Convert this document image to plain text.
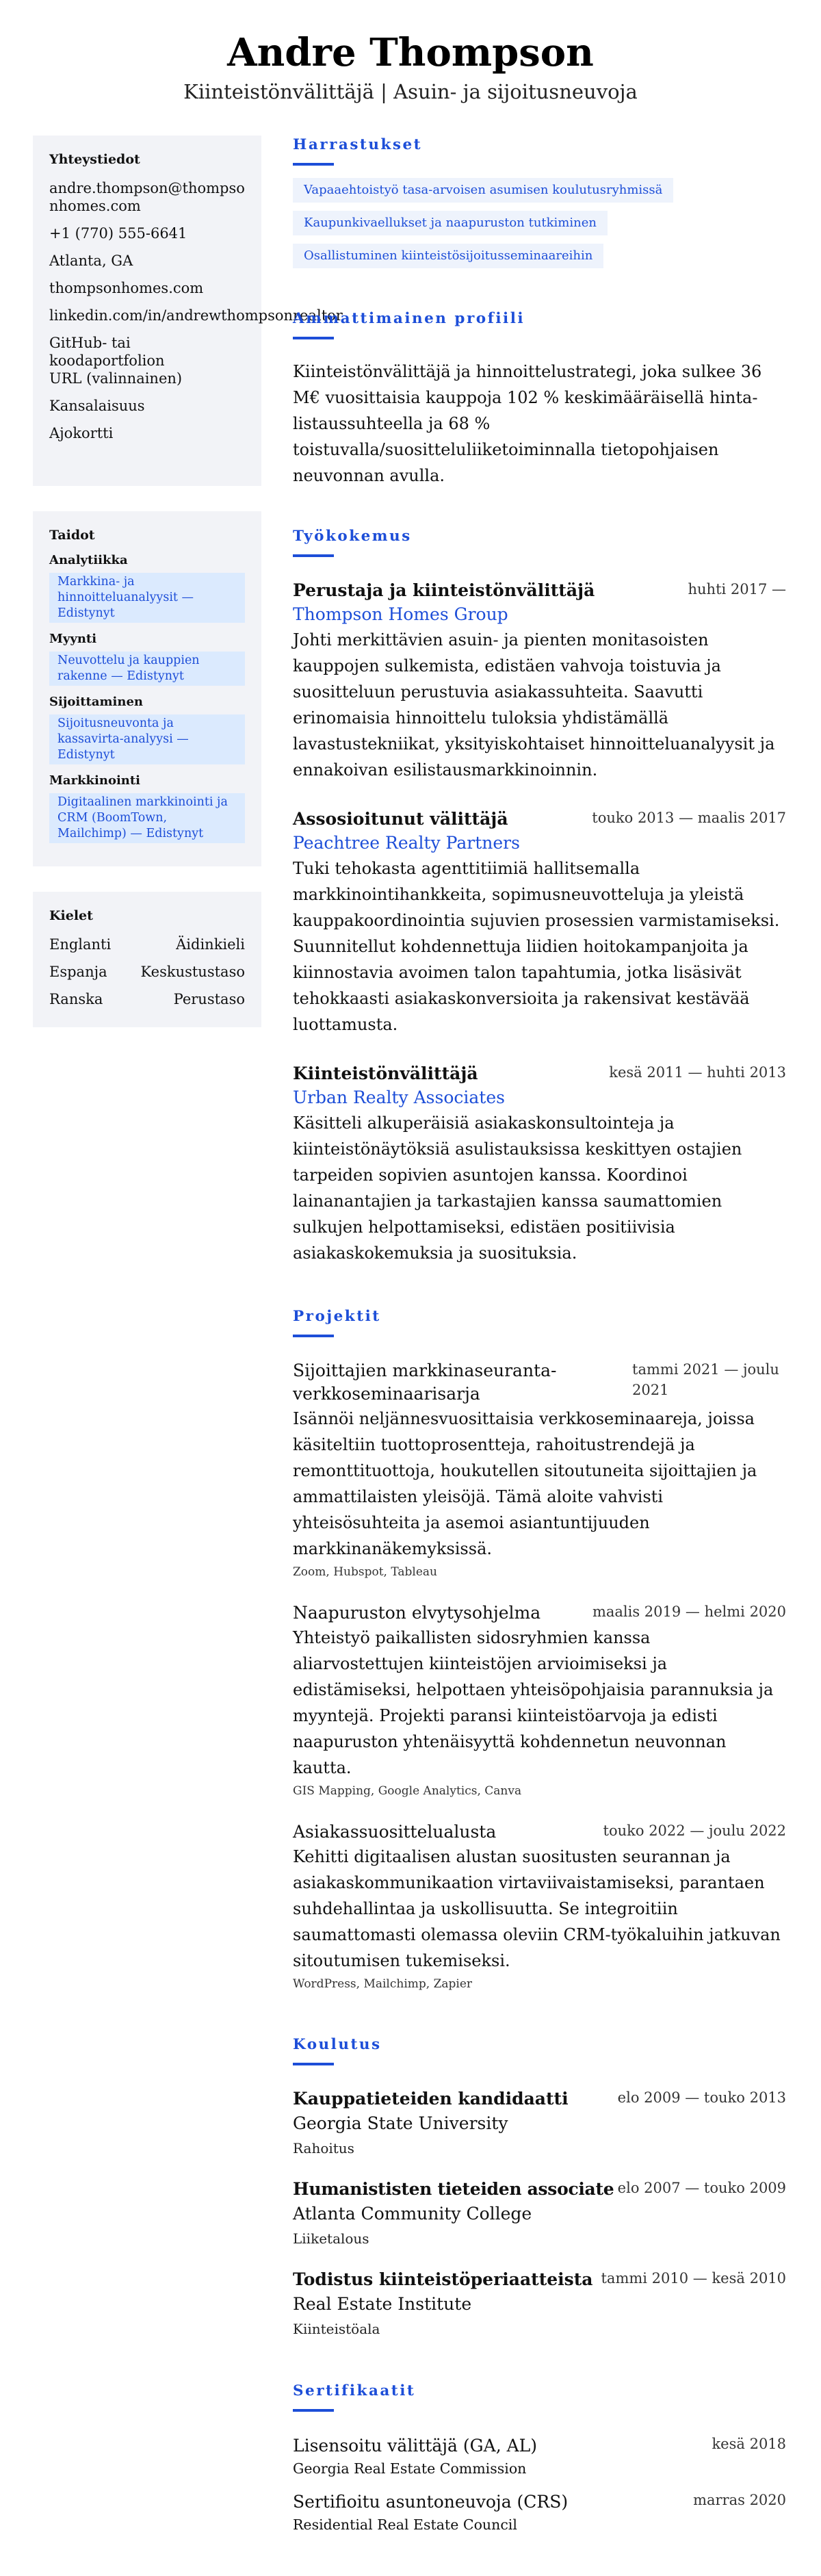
Andre Thompson
Kiinteistönvälittäjä | Asuin- ja sijoitusneuvoja
Yhteystiedot
andre.thompson@thompsonhomes.com
+1 (770) 555-6641
Atlanta, GA
thompsonhomes.com
linkedin.com/in/andrewthompsonrealtor
GitHub- tai koodaportfolion URL (valinnainen)
Kansalaisuus
Ajokortti
Taidot
Analytiikka
Markkina- ja hinnoitteluanalyysit — Edistynyt
Myynti
Neuvottelu ja kauppien rakenne — Edistynyt
Sijoittaminen
Sijoitusneuvonta ja kassavirta-analyysi — Edistynyt
Markkinointi
Digitaalinen markkinointi ja CRM (BoomTown, Mailchimp) — Edistynyt
Kielet
Englanti	Äidinkieli
Espanja Keskustustaso
Ranska	Perustaso
Harrastukset
Vapaaehtoistyö tasa-arvoisen asumisen koulutusryhmissä
Kaupunkivaellukset ja naapuruston tutkiminen
Osallistuminen kiinteistösijoitusseminaareihin
Ammattimainen profiili

Kiinteistönvälittäjä ja hinnoittelustrategi, joka sulkee 36 M€ vuosittaisia kauppoja 102 % keskimääräisellä hinta-listaussuhteella ja 68 % toistuvalla/suositteluliiketoiminnalla tietopohjaisen neuvonnan avulla.

Työkokemus
Perustaja ja kiinteistönvälittäjä	huhti 2017 —
Thompson Homes Group

Johti merkittävien asuin- ja pienten monitasoisten kauppojen sulkemista, edistäen vahvoja toistuvia ja suositteluun perustuvia asiakassuhteita. Saavutti erinomaisia hinnoittelu tuloksia yhdistämällä lavastustekniikat, yksityiskohtaiset hinnoitteluanalyysit ja ennakoivan esilistausmarkkinoinnin.

Assosioitunut välittäjä	touko 2013 — maalis 2017
Peachtree Realty Partners

Tuki tehokasta agenttitiimiä hallitsemalla markkinointihankkeita, sopimusneuvotteluja ja yleistä kauppakoordinointia sujuvien prosessien varmistamiseksi. Suunnitellut kohdennettuja liidien hoitokampanjoita ja kiinnostavia avoimen talon tapahtumia, jotka lisäsivät tehokkaasti asiakaskonversioita ja rakensivat kestävää luottamusta.

Kiinteistönvälittäjä	kesä 2011 — huhti 2013
Urban Realty Associates

Käsitteli alkuperäisiä asiakaskonsultointeja ja kiinteistönäytöksiä asulistauksissa keskittyen ostajien tarpeiden sopivien asuntojen kanssa. Koordinoi lainanantajien ja tarkastajien kanssa saumattomien sulkujen helpottamiseksi, edistäen positiivisia asiakaskokemuksia ja suosituksia.

Projektit
Sijoittajien markkinaseuranta-verkkoseminaarisarja
tammi 2021 — joulu 2021

Isännöi neljännesvuosittaisia verkkoseminaareja, joissa käsiteltiin tuottoprosentteja, rahoitustrendejä ja remonttituottoja, houkutellen sitoutuneita sijoittajien ja ammattilaisten yleisöjä. Tämä aloite vahvisti yhteisösuhteita ja asemoi asiantuntijuuden markkinanäkemyksissä.

Zoom, Hubspot, Tableau
Naapuruston elvytysohjelma	maalis 2019 — helmi 2020

Yhteistyö paikallisten sidosryhmien kanssa aliarvostettujen kiinteistöjen arvioimiseksi ja edistämiseksi, helpottaen yhteisöpohjaisia parannuksia ja myyntejä. Projekti paransi kiinteistöarvoja ja edisti naapuruston yhtenäisyyttä kohdennetun neuvonnan kautta.

GIS Mapping, Google Analytics, Canva
Asiakassuosittelualusta	touko 2022 — joulu 2022

Kehitti digitaalisen alustan suositusten seurannan ja asiakaskommunikaation virtaviivaistamiseksi, parantaen suhdehallintaa ja uskollisuutta. Se integroitiin saumattomasti olemassa oleviin CRM-työkaluihin jatkuvan sitoutumisen tukemiseksi.

WordPress, Mailchimp, Zapier
Koulutus
Kauppatieteiden kandidaatti	elo 2009 — touko 2013
Georgia State University
Rahoitus
Humanististen tieteiden associate elo 2007 — touko 2009
Atlanta Community College
Liiketalous
Todistus kiinteistöperiaatteista tammi 2010 — kesä 2010
Real Estate Institute
Kiinteistöala
Sertifikaatit
Lisensoitu välittäjä (GA, AL)	kesä 2018
Georgia Real Estate Commission
Sertifioitu asuntoneuvoja (CRS)	marras 2020
Residential Real Estate Council
